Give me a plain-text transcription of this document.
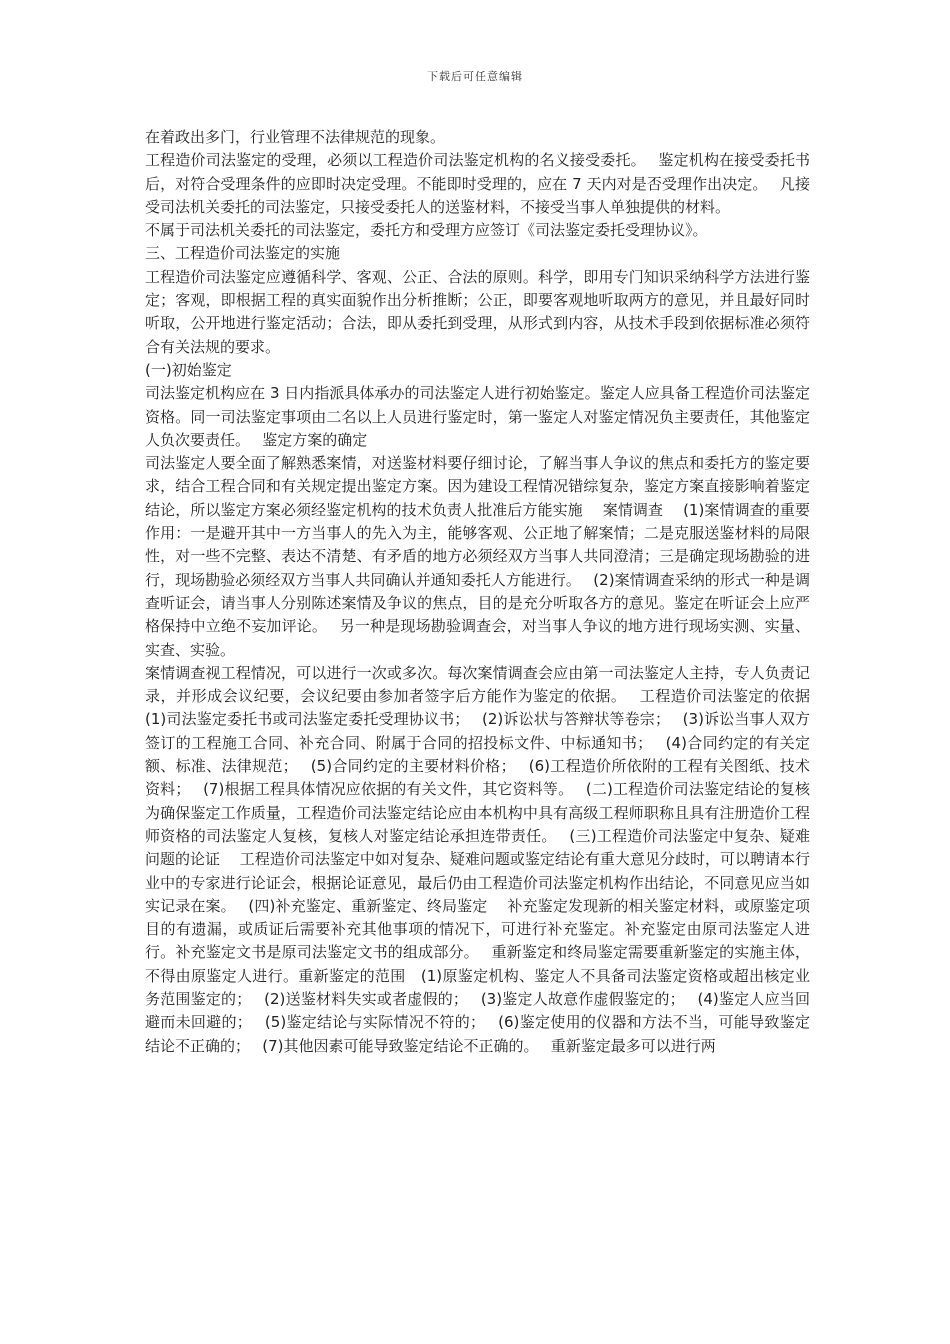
下载后可任意编辑

在着政出多门，行业管理不法律规范的现象。

工程造价司法鉴定的受理，必须以工程造价司法鉴定机构的名义接受委托。　 鉴定机构在接受委托书后，对符合受理条件的应即时决定受理。不能即时受理的，应在 7 天内对是否受理作出决定。　 凡接受司法机关委托的司法鉴定，只接受委托人的送鉴材料，不接受当事人单独提供的材料。

不属于司法机关委托的司法鉴定，委托方和受理方应签订《司法鉴定委托受理协议》。

三、工程造价司法鉴定的实施

工程造价司法鉴定应遵循科学、客观、公正、合法的原则。科学，即用专门知识采纳科学方法进行鉴定；客观，即根据工程的真实面貌作出分析推断；公正，即要客观地听取两方的意见，并且最好同时听取，公开地进行鉴定活动；合法，即从委托到受理，从形式到内容，从技术手段到依据标准必须符合有关法规的要求。

(一)初始鉴定

司法鉴定机构应在 3 日内指派具体承办的司法鉴定人进行初始鉴定。鉴定人应具备工程造价司法鉴定资格。同一司法鉴定事项由二名以上人员进行鉴定时，第一鉴定人对鉴定情况负主要责任，其他鉴定人负次要责任。　 鉴定方案的确定

司法鉴定人要全面了解熟悉案情，对送鉴材料要仔细讨论，了解当事人争议的焦点和委托方的鉴定要求，结合工程合同和有关规定提出鉴定方案。因为建设工程情况错综复杂，鉴定方案直接影响着鉴定结论，所以鉴定方案必须经鉴定机构的技术负责人批准后方能实施　 案情调查　 (1)案情调查的重要作用：一是避开其中一方当事人的先入为主，能够客观、公正地了解案情；二是克服送鉴材料的局限性，对一些不完整、表达不清楚、有矛盾的地方必须经双方当事人共同澄清；三是确定现场勘验的进行，现场勘验必须经双方当事人共同确认并通知委托人方能进行。　 (2)案情调查采纳的形式一种是调查听证会，请当事人分别陈述案情及争议的焦点，目的是充分听取各方的意见。鉴定在听证会上应严格保持中立绝不妄加评论。　 另一种是现场勘验调查会，对当事人争议的地方进行现场实测、实量、实查、实验。

案情调查视工程情况，可以进行一次或多次。每次案情调查会应由第一司法鉴定人主持，专人负责记录，并形成会议纪要，会议纪要由参加者签字后方能作为鉴定的依据。　 工程造价司法鉴定的依据　(1)司法鉴定委托书或司法鉴定委托受理协议书；　 (2)诉讼状与答辩状等卷宗；　 (3)诉讼当事人双方签订的工程施工合同、补充合同、附属于合同的招投标文件、中标通知书；　 (4)合同约定的有关定额、标准、法律规范；　 (5)合同约定的主要材料价格；　 (6)工程造价所依附的工程有关图纸、技术资料；　 (7)根据工程具体情况应依据的有关文件，其它资料等。　 (二)工程造价司法鉴定结论的复核　 为确保鉴定工作质量，工程造价司法鉴定结论应由本机构中具有高级工程师职称且具有注册造价工程师资格的司法鉴定人复核，复核人对鉴定结论承担连带责任。　 (三)工程造价司法鉴定中复杂、疑难问题的论证　 工程造价司法鉴定中如对复杂、疑难问题或鉴定结论有重大意见分歧时，可以聘请本行业中的专家进行论证会，根据论证意见，最后仍由工程造价司法鉴定机构作出结论，不同意见应当如实记录在案。　 (四)补充鉴定、重新鉴定、终局鉴定　 补充鉴定发现新的相关鉴定材料，或原鉴定项目的有遗漏，或质证后需要补充其他事项的情况下，可进行补充鉴定。补充鉴定由原司法鉴定人进行。补充鉴定文书是原司法鉴定文书的组成部分。　 重新鉴定和终局鉴定需要重新鉴定的实施主体，不得由原鉴定人进行。重新鉴定的范围　(1)原鉴定机构、鉴定人不具备司法鉴定资格或超出核定业务范围鉴定的；　 (2)送鉴材料失实或者虚假的；　 (3)鉴定人故意作虚假鉴定的；　 (4)鉴定人应当回避而未回避的；　 (5)鉴定结论与实际情况不符的；　 (6)鉴定使用的仪器和方法不当，可能导致鉴定结论不正确的；　 (7)其他因素可能导致鉴定结论不正确的。　 重新鉴定最多可以进行两
